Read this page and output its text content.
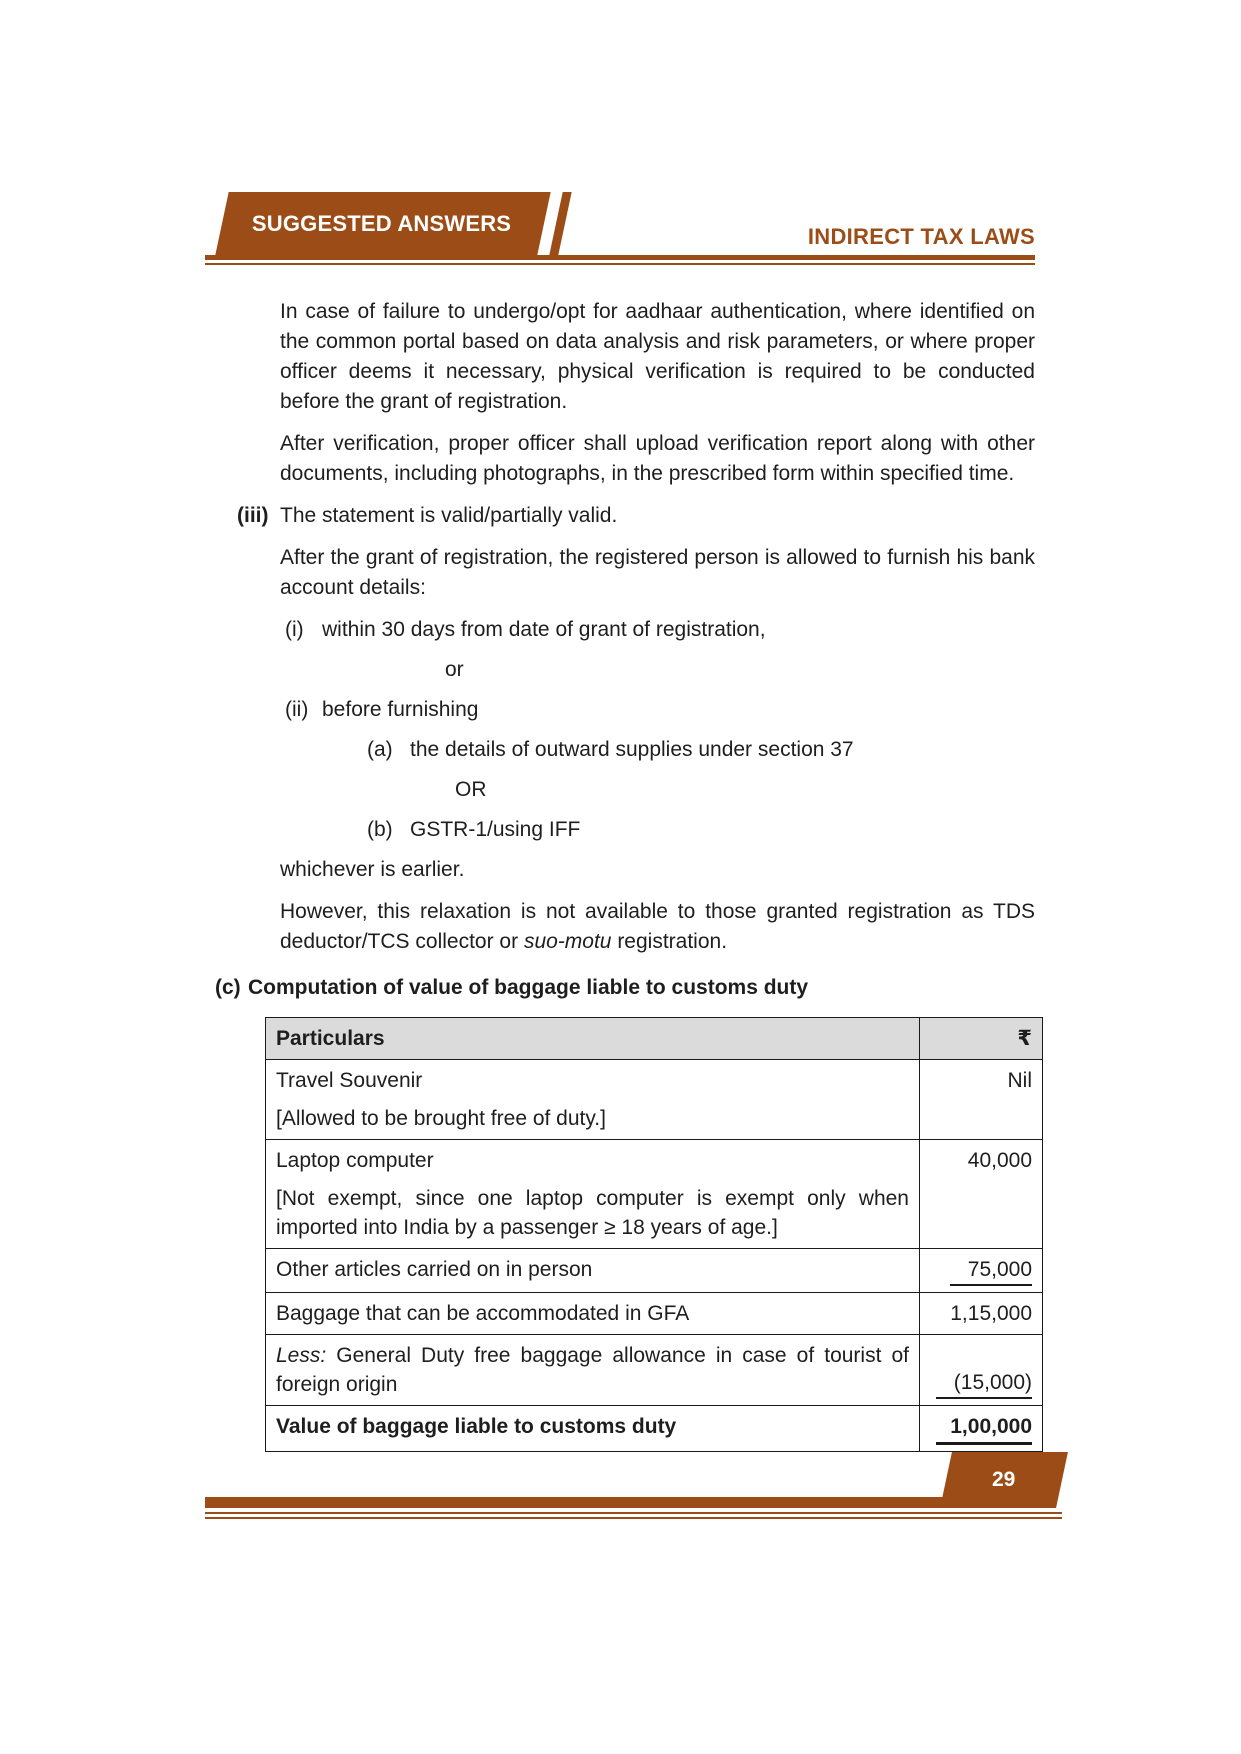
SUGGESTED ANSWERS
INDIRECT TAX LAWS

In case of failure to undergo/opt for aadhaar authentication, where identified on the common portal based on data analysis and risk parameters, or where proper officer deems it necessary, physical verification is required to be conducted before the grant of registration.

After verification, proper officer shall upload verification report along with other documents, including photographs, in the prescribed form within specified time.

(iii) The statement is valid/partially valid.

After the grant of registration, the registered person is allowed to furnish his bank account details:

(i) within 30 days from date of grant of registration,
or
(ii) before furnishing
(a) the details of outward supplies under section 37
OR
(b) GSTR-1/using IFF

whichever is earlier.

However, this relaxation is not available to those granted registration as TDS deductor/TCS collector or suo-motu registration.

(c) Computation of value of baggage liable to customs duty
Particulars	₹

Travel Souvenir
[Allowed to be brought free of duty.]	Nil

Laptop computer
[Not exempt, since one laptop computer is exempt only when imported into India by a passenger ≥ 18 years of age.]	40,000
Other articles carried on in person	75,000
Baggage that can be accommodated in GFA	1,15,000
Less: General Duty free baggage allowance in case of tourist of foreign origin	(15,000)
Value of baggage liable to customs duty	1,00,000
29
